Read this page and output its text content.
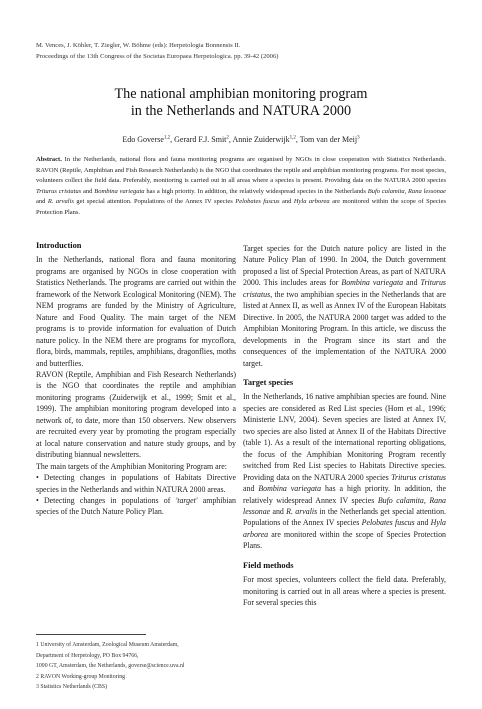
M. Vences, J. Köhler, T. Ziegler, W. Böhme (eds): Herpetologia Bonnensis II.
Proceedings of the 13th Congress of the Societas Europaea Herpetologica. pp. 39-42 (2006)
The national amphibian monitoring program
in the Netherlands and NATURA 2000
Edo Goverse$^{1,2}$, Gerard F.J. Smit$^2$, Annie Zuiderwijk$^{1,2}$, Tom van der Meij$^3$
Abstract. In the Netherlands, national flora and fauna monitoring programs are organised by NGOs in close cooperation with Statistics Netherlands. RAVON (Reptile, Amphibian and Fish Research Netherlands) is the NGO that coordinates the reptile and amphibian monitoring programs. For most species, volunteers collect the field data. Preferably, monitoring is carried out in all areas where a species is present. Providing data on the NATURA 2000 species Triturus cristatus and Bombina variegata has a high priority. In addition, the relatively widespread species in the Netherlands Bufo calamita, Rana lessonae and R. arvalis get special attention. Populations of the Annex IV species Pelobates fuscus and Hyla arborea are monitored within the scope of Species Protection Plans.
Introduction

In the Netherlands, national flora and fauna monitoring programs are organised by NGOs in close cooperation with Statistics Netherlands. The programs are carried out within the framework of the Network Ecological Monitoring (NEM). The NEM programs are funded by the Ministry of Agriculture, Nature and Food Quality. The main target of the NEM programs is to provide information for evaluation of Dutch nature policy. In the NEM there are programs for mycoflora, flora, birds, mammals, reptiles, amphibians, dragonflies, moths and butterflies.

RAVON (Reptile, Amphibian and Fish Research Netherlands) is the NGO that coordinates the reptile and amphibian monitoring programs (Zuiderwijk et al., 1999; Smit et al., 1999). The amphibian monitoring program developed into a network of, to date, more than 150 observers. New observers are recruited every year by promoting the program especially at local nature conservation and nature study groups, and by distributing biannual newsletters.

The main targets of the Amphibian Monitoring Program are:

• Detecting changes in populations of Habitats Directive species in the Netherlands and within NATURA 2000 areas.

• Detecting changes in populations of 'target' amphibian species of the Dutch Nature Policy Plan.

1 University of Amsterdam, Zoological Museum Amsterdam,
Department of Herpetology, PO Box 94766,
1090 GT, Amsterdam, the Netherlands, goverse@science.uva.nl
2 RAVON Working-group Monitoring
3 Statistics Netherlands (CBS)

Target species for the Dutch nature policy are listed in the Nature Policy Plan of 1990. In 2004, the Dutch government proposed a list of Special Protection Areas, as part of NATURA 2000. This includes areas for Bombina variegata and Triturus cristatus, the two amphibian species in the Netherlands that are listed at Annex II, as well as Annex IV of the European Habitats Directive. In 2005, the NATURA 2000 target was added to the Amphibian Monitoring Program. In this article, we discuss the developments in the Program since its start and the consequences of the implementation of the NATURA 2000 target.

Target species

In the Netherlands, 16 native amphibian species are found. Nine species are considered as Red List species (Hom et al., 1996; Ministerie LNV, 2004). Seven species are listed at Annex IV, two species are also listed at Annex II of the Habitats Directive (table 1). As a result of the international reporting obligations, the focus of the Amphibian Monitoring Program recently switched from Red List species to Habitats Directive species. Providing data on the NATURA 2000 species Triturus cristatus and Bombina variegata has a high priority. In addition, the relatively widespread Annex IV species Bufo calamita, Rana lessonae and R. arvalis in the Netherlands get special attention. Populations of the Annex IV species Pelobates fuscus and Hyla arborea are monitored within the scope of Species Protection Plans.

Field methods

For most species, volunteers collect the field data. Preferably, monitoring is carried out in all areas where a species is present. For several species this
